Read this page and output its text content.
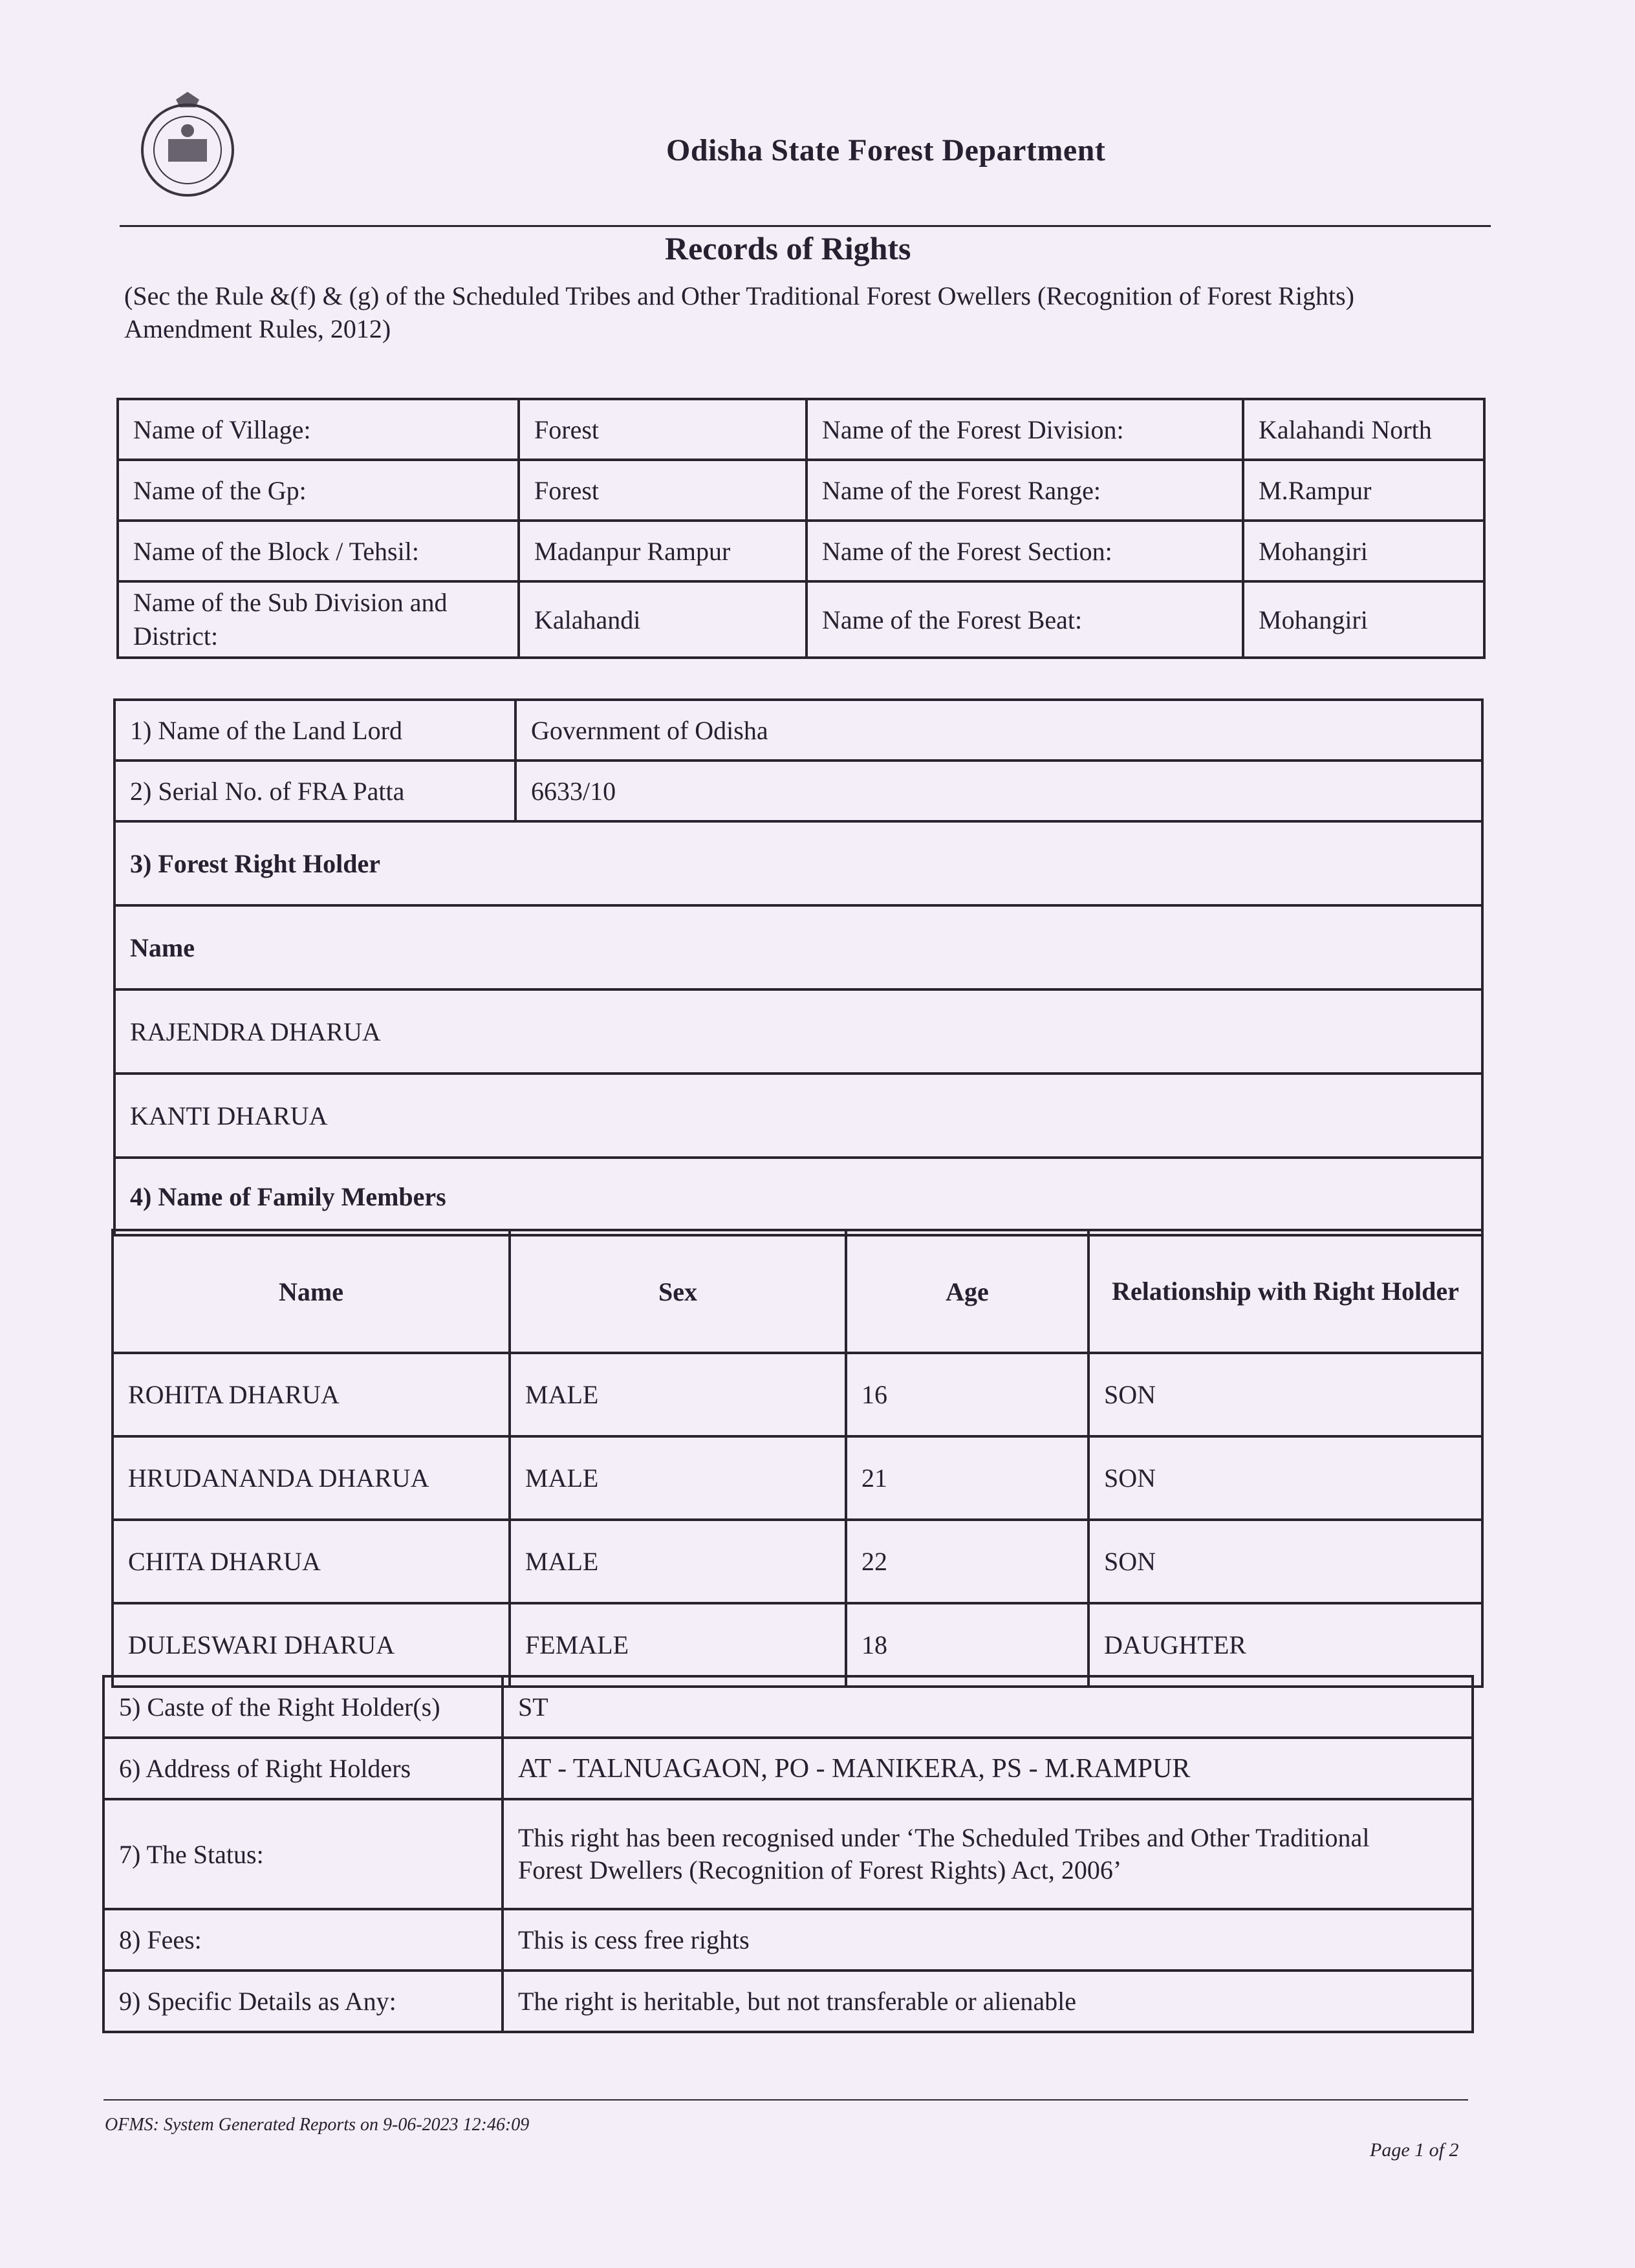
Odisha State Forest Department
Records of Rights
(Sec the Rule &(f) & (g) of the Scheduled Tribes and Other Traditional Forest Owellers (Recognition of Forest Rights) Amendment Rules, 2012)
Name of Village:	Forest	Name of the Forest Division:	Kalahandi North
Name of the Gp:	Forest	Name of the Forest Range:	M.Rampur
Name of the Block / Tehsil:	Madanpur Rampur	Name of the Forest Section:	Mohangiri
Name of the Sub Division and District:	Kalahandi	Name of the Forest Beat:	Mohangiri
1) Name of the Land Lord	Government of Odisha
2) Serial No. of FRA Patta	6633/10
3) Forest Right Holder	
Name	
RAJENDRA DHARUA	
KANTI DHARUA	
4) Name of Family Members	
Name	Sex	Age	Relationship with Right Holder
ROHITA DHARUA	MALE	16	SON
HRUDANANDA DHARUA	MALE	21	SON
CHITA DHARUA	MALE	22	SON
DULESWARI DHARUA	FEMALE	18	DAUGHTER
5) Caste of the Right Holder(s)	ST
6) Address of Right Holders	AT - TALNUAGAON, PO - MANIKERA, PS - M.RAMPUR
7) The Status:	This right has been recognised under ‘The Scheduled Tribes and Other Traditional
Forest Dwellers (Recognition of Forest Rights) Act, 2006’
8) Fees:	This is cess free rights
9) Specific Details as Any:	The right is heritable, but not transferable or alienable
OFMS: System Generated Reports on 9-06-2023 12:46:09
Page 1 of 2
